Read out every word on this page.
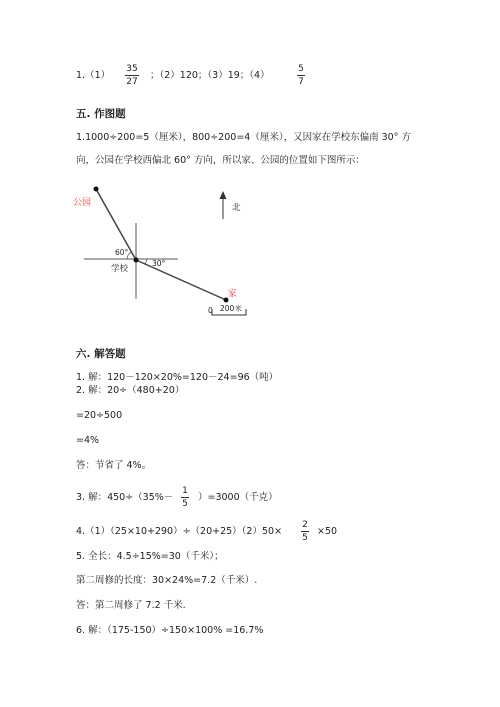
1.（1）
35
27
；（2）120；（3）19；（4）
5
7
五. 作图题
1.1000÷200=5（厘米），800÷200=4（厘米），又因家在学校东偏南 30° 方
向，公园在学校西偏北 60° 方向，所以家、公园的位置如下图所示：
公园
学校
家
北
60°
30°
0 200米
六. 解答题
1. 解：120－120×20%=120－24=96（吨）
2. 解：20÷（480+20）
=20÷500
=4%
答：节省了 4%。
3. 解：450÷（35%－
1
5
）=3000（千克）
4.（1）（25×10+290）÷（20+25）（2）50×
2
5
×50
5. 全长：4.5÷15%=30（千米）；
第二周修的长度：30×24%=7.2（千米）.
答：第二周修了 7.2 千米.
6. 解：（175-150）÷150×100% =16.7%
